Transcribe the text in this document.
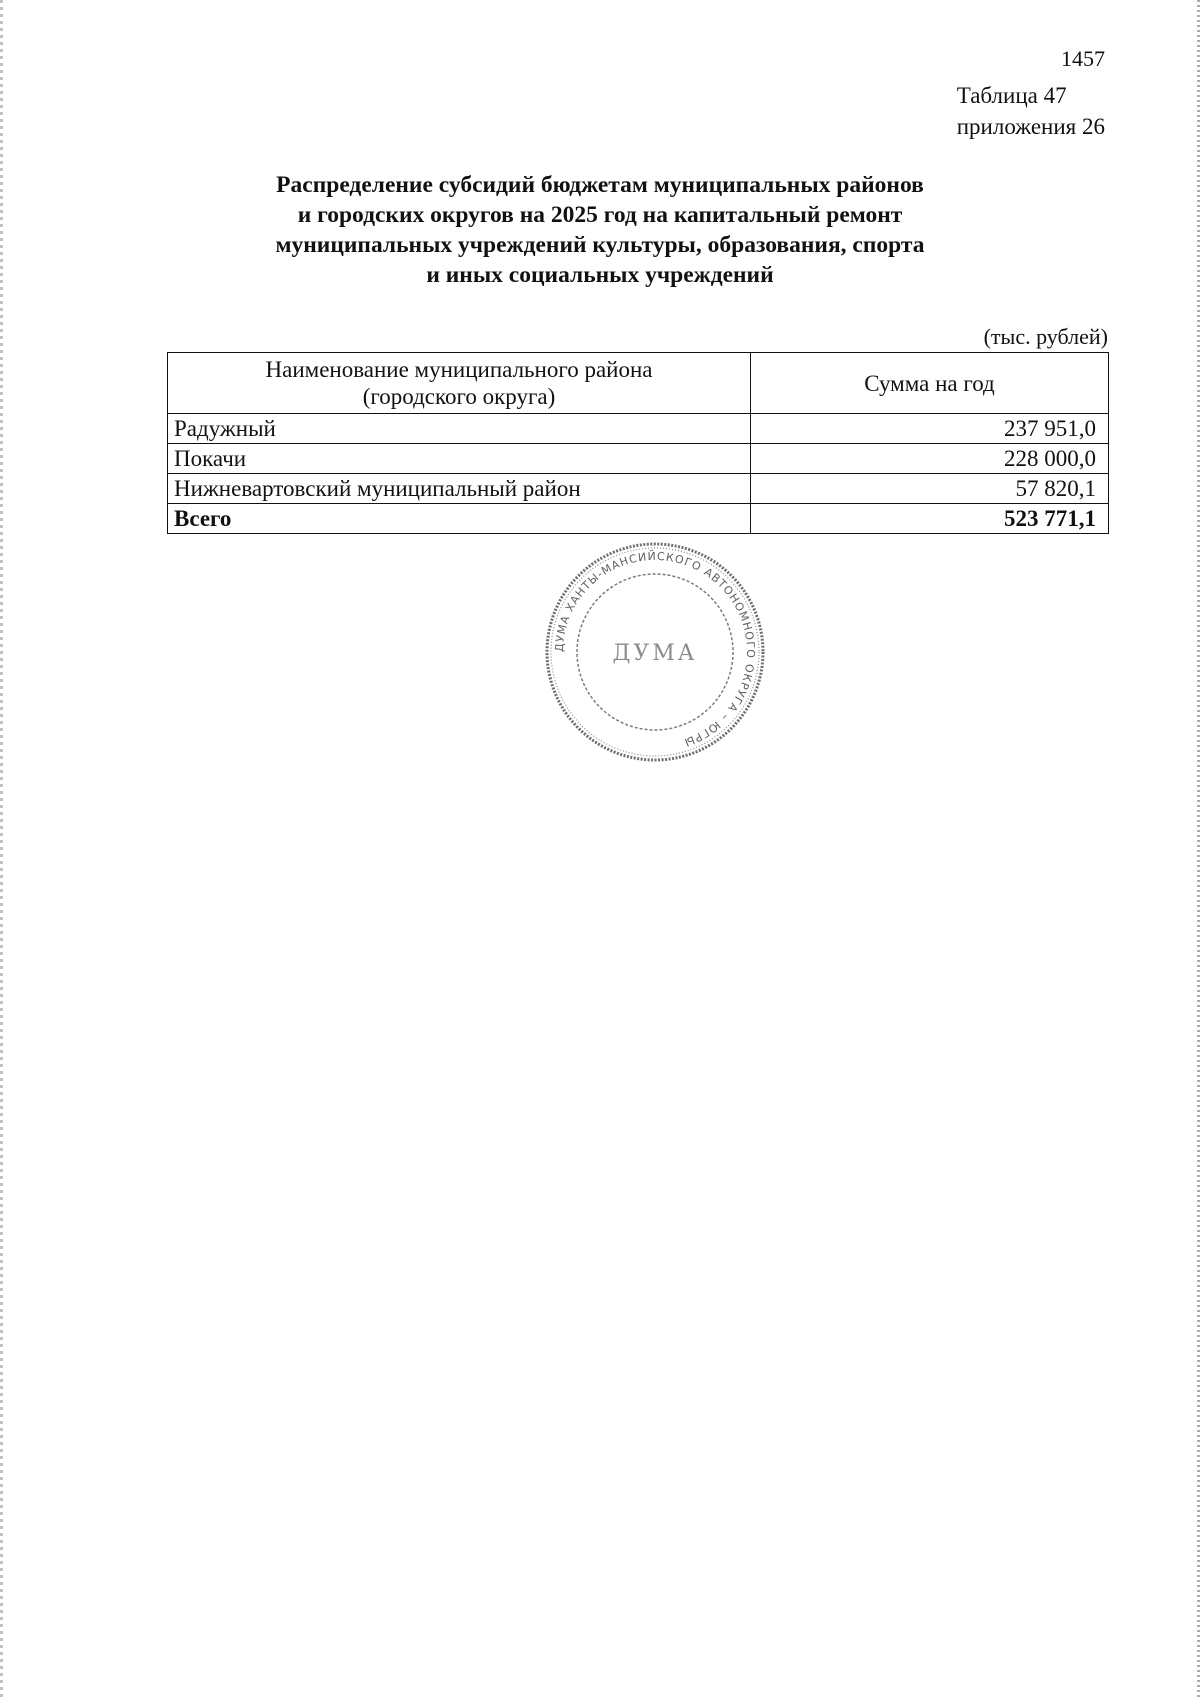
1457
Таблица 47
приложения 26
Распределение субсидий бюджетам муниципальных районов
и городских округов на 2025 год на капитальный ремонт
муниципальных учреждений культуры, образования, спорта
и иных социальных учреждений
(тыс. рублей)
Наименование муниципального района
(городского округа)	Сумма на год
Радужный	237 951,0
Покачи	228 000,0
Нижневартовский муниципальный район	57 820,1
Всего	523 771,1
ДУМА ХАНТЫ-МАНСИЙСКОГО АВТОНОМНОГО ОКРУГА – ЮГРЫ
ДУМА
